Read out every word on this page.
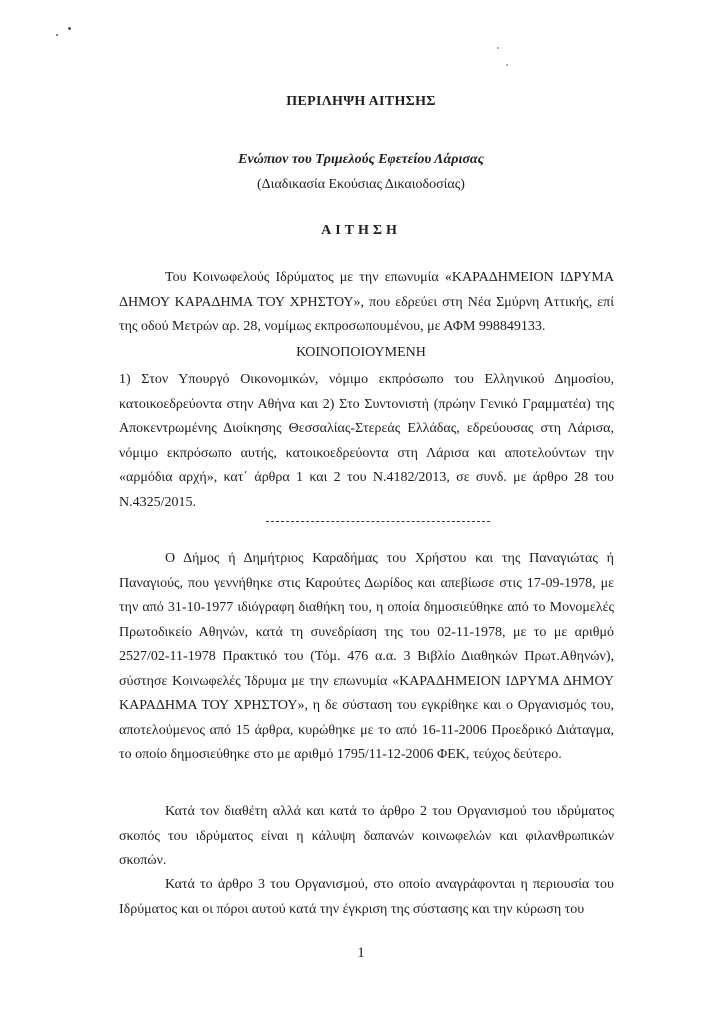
ΠΕΡΙΛΗΨΗ ΑΙΤΗΣΗΣ
Ενώπιον του Τριμελούς Εφετείου Λάρισας
(Διαδικασία Εκούσιας Δικαιοδοσίας)
ΑΙΤΗΣΗ

Του Κοινωφελούς Ιδρύματος με την επωνυμία «ΚΑΡΑΔΗΜΕΙΟΝ ΙΔΡΥΜΑ ΔΗΜΟΥ ΚΑΡΑΔΗΜΑ ΤΟΥ ΧΡΗΣΤΟΥ», που εδρεύει στη Νέα Σμύρνη Αττικής, επί της οδού Μετρών αρ. 28, νομίμως εκπροσωπουμένου, με ΑΦΜ 998849133.

ΚΟΙΝΟΠΟΙΟΥΜΕΝΗ

1) Στον Υπουργό Οικονομικών, νόμιμο εκπρόσωπο του Ελληνικού Δημοσίου, κατοικοεδρεύοντα στην Αθήνα και 2) Στο Συντονιστή (πρώην Γενικό Γραμματέα) της Αποκεντρωμένης Διοίκησης Θεσσαλίας-Στερεάς Ελλάδας, εδρεύουσας στη Λάρισα, νόμιμο εκπρόσωπο αυτής, κατοικοεδρεύοντα στη Λάρισα και αποτελούντων την «αρμόδια αρχή», κατ΄ άρθρα 1 και 2 του Ν.4182/2013, σε συνδ. με άρθρο 28 του Ν.4325/2015.

Ο Δήμος ή Δημήτριος Καραδήμας του Χρήστου και της Παναγιώτας ή Παναγιούς, που γεννήθηκε στις Καρούτες Δωρίδος και απεβίωσε στις 17-09-1978, με την από 31-10-1977 ιδιόγραφη διαθήκη του, η οποία δημοσιεύθηκε από το Μονομελές Πρωτοδικείο Αθηνών, κατά τη συνεδρίαση της του 02-11-1978, με το με αριθμό 2527/02-11-1978 Πρακτικό του (Τόμ. 476 α.α. 3 Βιβλίο Διαθηκών Πρωτ.Αθηνών), σύστησε Κοινωφελές Ίδρυμα με την επωνυμία «ΚΑΡΑΔΗΜΕΙΟΝ ΙΔΡΥΜΑ ΔΗΜΟΥ ΚΑΡΑΔΗΜΑ ΤΟΥ ΧΡΗΣΤΟΥ», η δε σύσταση του εγκρίθηκε και ο Οργανισμός του, αποτελούμενος από 15 άρθρα, κυρώθηκε με το από 16-11-2006 Προεδρικό Διάταγμα, το οποίο δημοσιεύθηκε στο με αριθμό 1795/11-12-2006 ΦΕΚ, τεύχος δεύτερο.

Κατά τον διαθέτη αλλά και κατά το άρθρο 2 του Οργανισμού του ιδρύματος σκοπός του ιδρύματος είναι η κάλυψη δαπανών κοινωφελών και φιλανθρωπικών σκοπών.

Κατά το άρθρο 3 του Οργανισμού, στο οποίο αναγράφονται η περιουσία του Ιδρύματος και οι πόροι αυτού κατά την έγκριση της σύστασης και την κύρωση του

1
